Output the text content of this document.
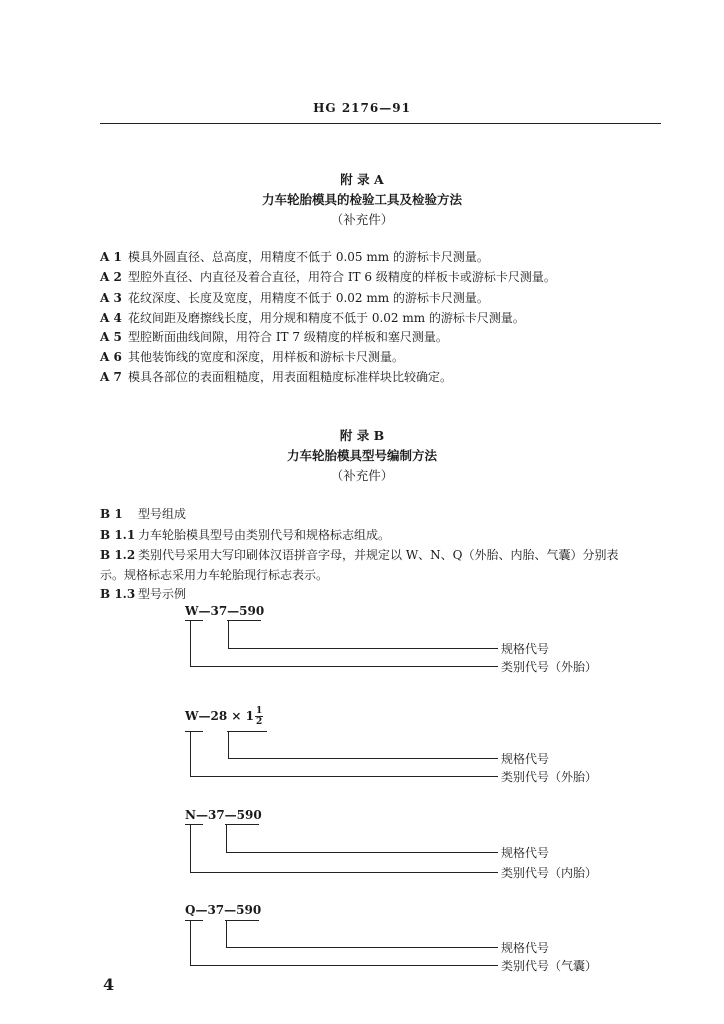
HG 2176—91
附 录 A
力车轮胎模具的检验工具及检验方法
（补充件）
A 1 模具外圆直径、总高度，用精度不低于 0.05 mm 的游标卡尺测量。
A 2 型腔外直径、内直径及着合直径，用符合 IT 6 级精度的样板卡或游标卡尺测量。
A 3 花纹深度、长度及宽度，用精度不低于 0.02 mm 的游标卡尺测量。
A 4 花纹间距及磨擦线长度，用分规和精度不低于 0.02 mm 的游标卡尺测量。
A 5 型腔断面曲线间隙，用符合 IT 7 级精度的样板和塞尺测量。
A 6 其他装饰线的宽度和深度，用样板和游标卡尺测量。
A 7 模具各部位的表面粗糙度，用表面粗糙度标准样块比较确定。
附 录 B
力车轮胎模具型号编制方法
（补充件）
B 1 型号组成
B 1.1 力车轮胎模具型号由类别代号和规格标志组成。
B 1.2 类别代号采用大写印刷体汉语拼音字母，并规定以 W、N、Q（外胎、内胎、气囊）分别表
示。规格标志采用力车轮胎现行标志表示。
B 1.3 型号示例
W—37—590
规格代号
类别代号（外胎）
W—28 × $1 \frac{1}{2}$
规格代号
类别代号（外胎）
N—37—590
规格代号
类别代号（内胎）
Q—37—590
规格代号
类别代号（气囊）
4
